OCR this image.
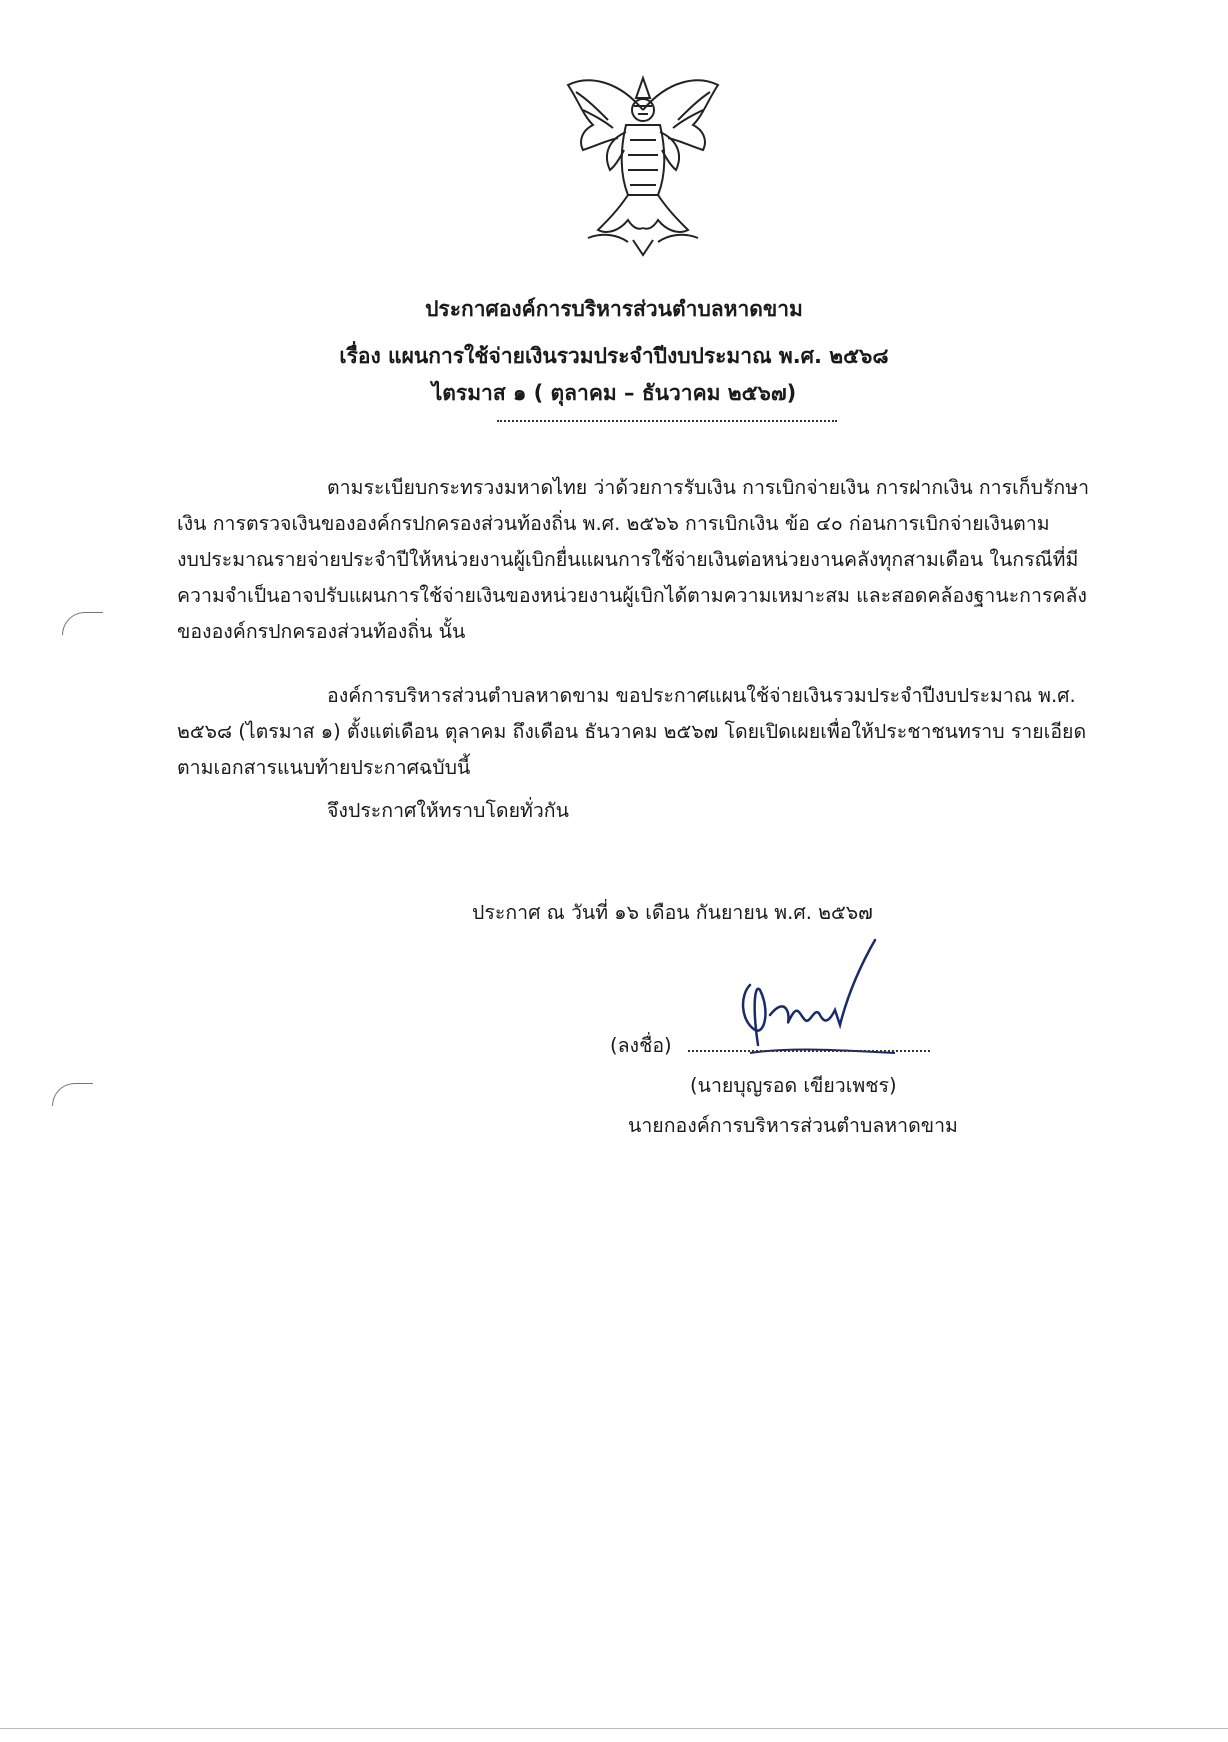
ประกาศองค์การบริหารส่วนตำบลหาดขาม
เรื่อง แผนการใช้จ่ายเงินรวมประจำปีงบประมาณ พ.ศ. ๒๕๖๘
ไตรมาส ๑ ( ตุลาคม – ธันวาคม ๒๕๖๗)
ตามระเบียบกระทรวงมหาดไทย ว่าด้วยการรับเงิน การเบิกจ่ายเงิน การฝากเงิน การเก็บรักษา
เงิน การตรวจเงินขององค์กรปกครองส่วนท้องถิ่น พ.ศ. ๒๕๖๖ การเบิกเงิน ข้อ ๔๐ ก่อนการเบิกจ่ายเงินตาม
งบประมาณรายจ่ายประจำปีให้หน่วยงานผู้เบิกยื่นแผนการใช้จ่ายเงินต่อหน่วยงานคลังทุกสามเดือน ในกรณีที่มี
ความจำเป็นอาจปรับแผนการใช้จ่ายเงินของหน่วยงานผู้เบิกได้ตามความเหมาะสม และสอดคล้องฐานะการคลัง
ขององค์กรปกครองส่วนท้องถิ่น นั้น
องค์การบริหารส่วนตำบลหาดขาม ขอประกาศแผนใช้จ่ายเงินรวมประจำปีงบประมาณ พ.ศ.
๒๕๖๘ (ไตรมาส ๑) ตั้งแต่เดือน ตุลาคม ถึงเดือน ธันวาคม ๒๕๖๗ โดยเปิดเผยเพื่อให้ประชาชนทราบ รายเอียด
ตามเอกสารแนบท้ายประกาศฉบับนี้
จึงประกาศให้ทราบโดยทั่วกัน
ประกาศ ณ วันที่ ๑๖ เดือน กันยายน พ.ศ. ๒๕๖๗
(ลงชื่อ)
(นายบุญรอด เขียวเพชร)
นายกองค์การบริหารส่วนตำบลหาดขาม
